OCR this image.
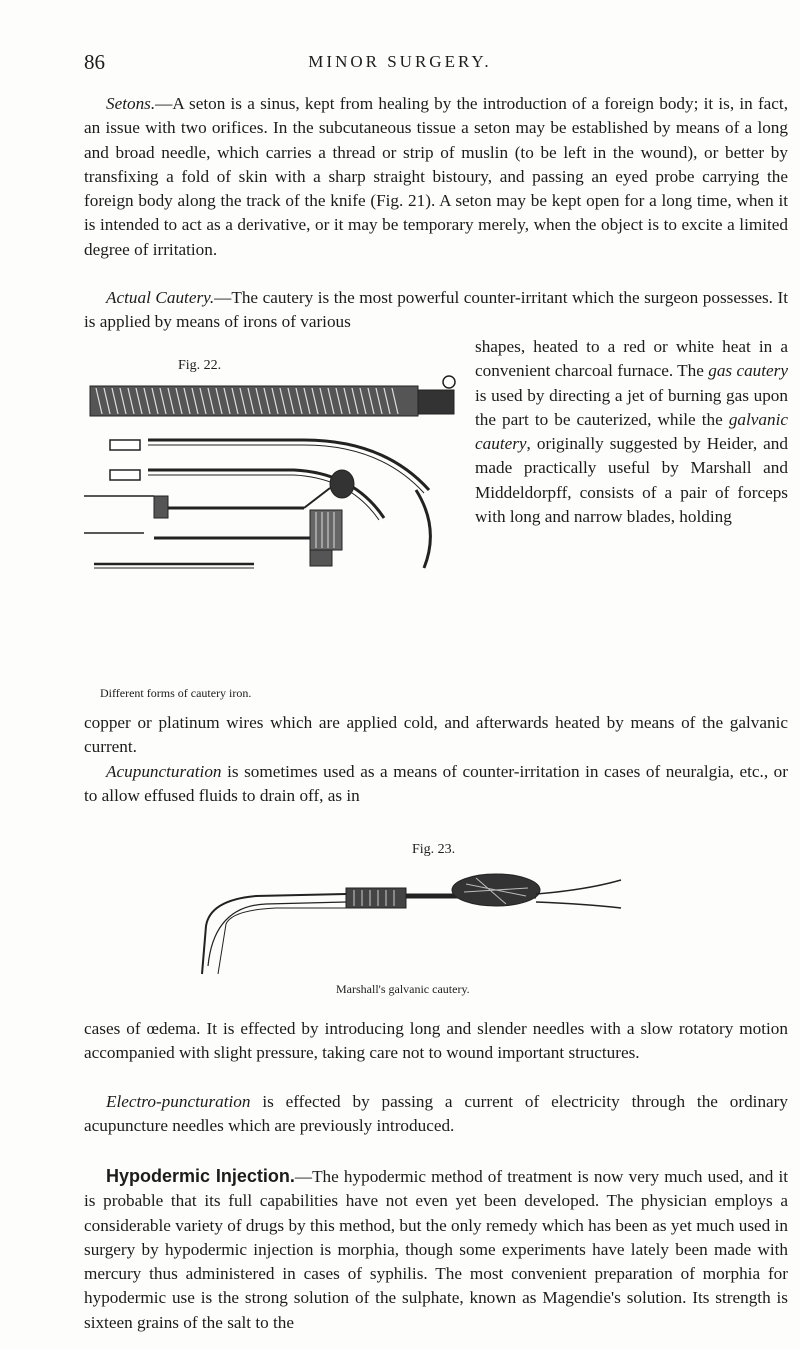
86	MINOR SURGERY.

Setons.—A seton is a sinus, kept from healing by the introduction of a foreign body; it is, in fact, an issue with two orifices. In the subcutaneous tissue a seton may be established by means of a long and broad needle, which carries a thread or strip of muslin (to be left in the wound), or better by transfixing a fold of skin with a sharp straight bistoury, and passing an eyed probe carrying the foreign body along the track of the knife (Fig. 21). A seton may be kept open for a long time, when it is intended to act as a derivative, or it may be temporary merely, when the object is to excite a limited degree of irritation.

Actual Cautery.—The cautery is the most powerful counter-irritant which the surgeon possesses. It is applied by means of irons of various

shapes, heated to a red or white heat in a convenient charcoal furnace. The gas cautery is used by directing a jet of burning gas upon the part to be cauterized, while the galvanic cautery, originally suggested by Heider, and made practically useful by Marshall and Middeldorpff, consists of a pair of forceps with long and narrow blades, holding

Fig. 22.
Different forms of cautery iron.

copper or platinum wires which are applied cold, and afterwards heated by means of the galvanic current.

Acupuncturation is sometimes used as a means of counter-irritation in cases of neuralgia, etc., or to allow effused fluids to drain off, as in

Fig. 23.
Marshall's galvanic cautery.

cases of œdema. It is effected by introducing long and slender needles with a slow rotatory motion accompanied with slight pressure, taking care not to wound important structures.

Electro-puncturation is effected by passing a current of electricity through the ordinary acupuncture needles which are previously introduced.

Hypodermic Injection.—The hypodermic method of treatment is now very much used, and it is probable that its full capabilities have not even yet been developed. The physician employs a considerable variety of drugs by this method, but the only remedy which has been as yet much used in surgery by hypodermic injection is morphia, though some experiments have lately been made with mercury thus administered in cases of syphilis. The most convenient preparation of morphia for hypodermic use is the strong solution of the sulphate, known as Magendie's solution. Its strength is sixteen grains of the salt to the
